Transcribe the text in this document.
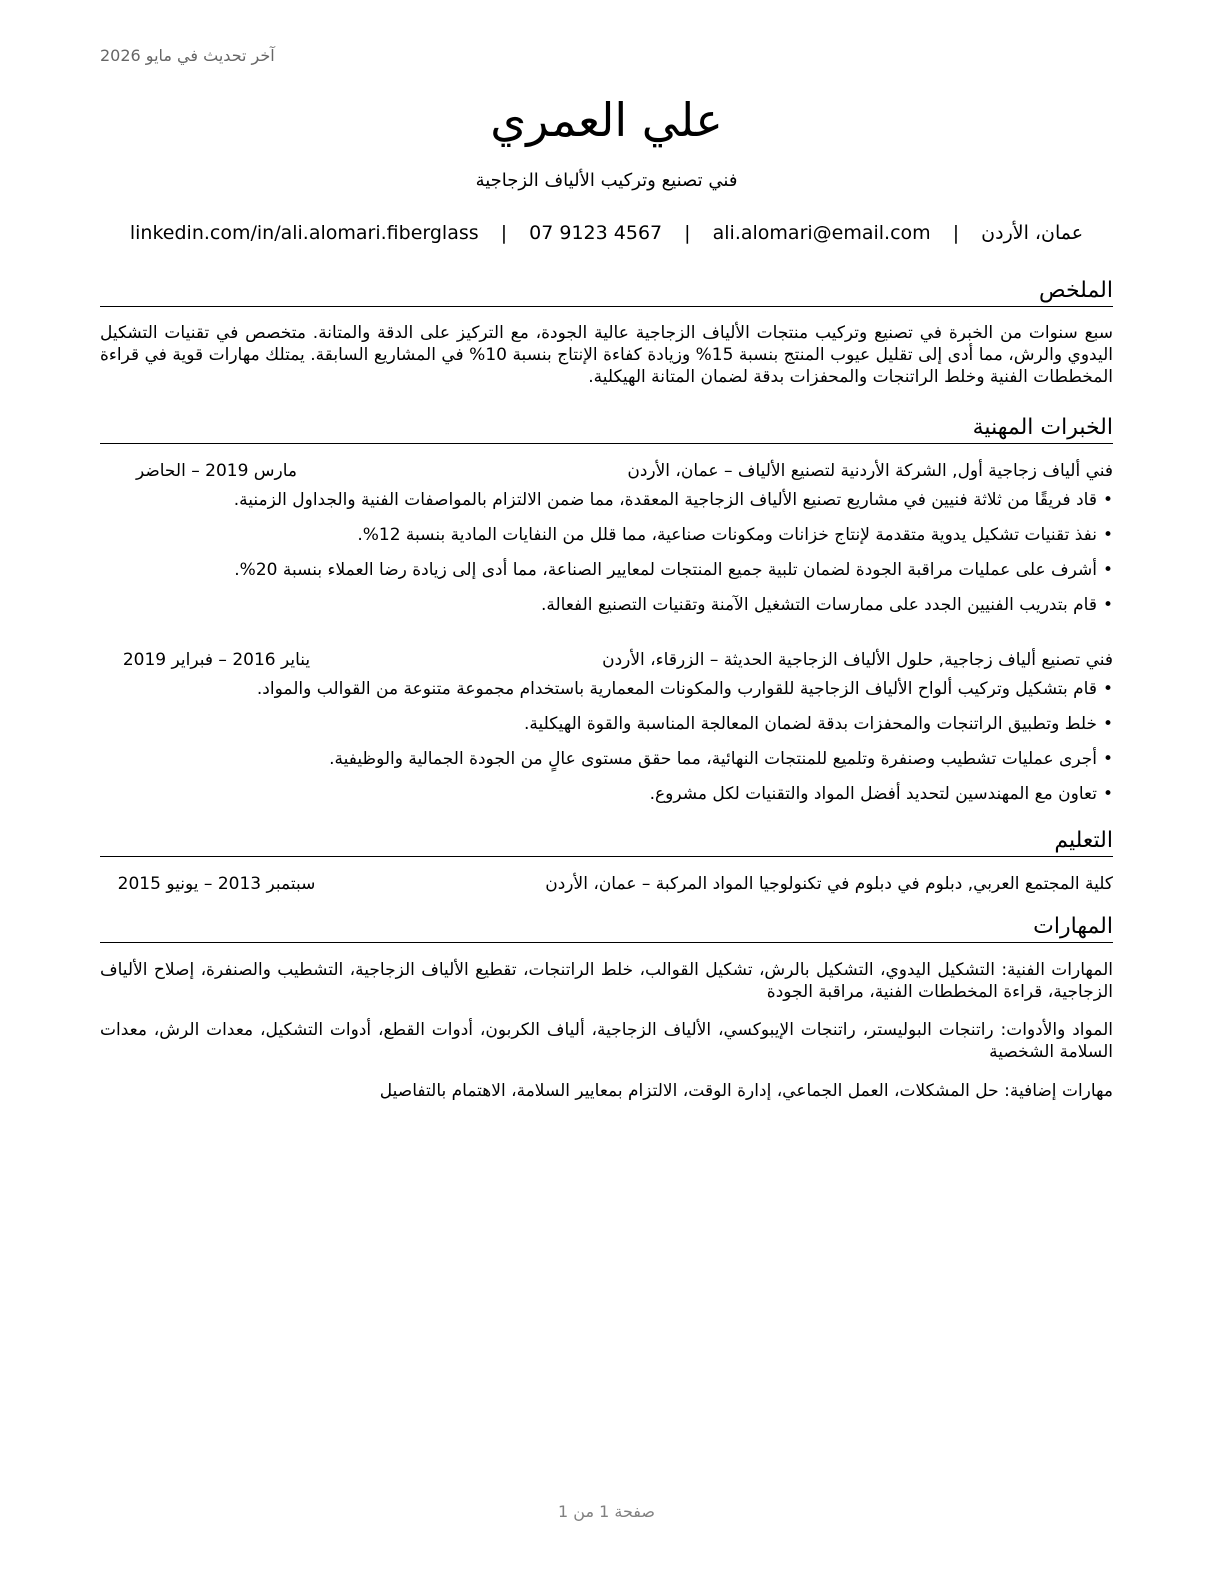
آخر تحديث في مايو 2026
علي العمري
فني تصنيع وتركيب الألياف الزجاجية
عمان، الأردن | ali.alomari@email.com | 07 9123 4567 | linkedin.com/in/ali.alomari.fiberglass
الملخص
سبع سنوات من الخبرة في تصنيع وتركيب منتجات الألياف الزجاجية عالية الجودة، مع التركيز على الدقة والمتانة. متخصص في تقنيات التشكيل اليدوي والرش، مما أدى إلى تقليل عيوب المنتج بنسبة 15% وزيادة كفاءة الإنتاج بنسبة 10% في المشاريع السابقة. يمتلك مهارات قوية في قراءة المخططات الفنية وخلط الراتنجات والمحفزات بدقة لضمان المتانة الهيكلية.
الخبرات المهنية
فني ألياف زجاجية أول, الشركة الأردنية لتصنيع الألياف – عمان، الأردن
مارس 2019 – الحاضر
• قاد فريقًا من ثلاثة فنيين في مشاريع تصنيع الألياف الزجاجية المعقدة، مما ضمن الالتزام بالمواصفات الفنية والجداول الزمنية.
• نفذ تقنيات تشكيل يدوية متقدمة لإنتاج خزانات ومكونات صناعية، مما قلل من النفايات المادية بنسبة 12%.
• أشرف على عمليات مراقبة الجودة لضمان تلبية جميع المنتجات لمعايير الصناعة، مما أدى إلى زيادة رضا العملاء بنسبة 20%.
• قام بتدريب الفنيين الجدد على ممارسات التشغيل الآمنة وتقنيات التصنيع الفعالة.
فني تصنيع ألياف زجاجية, حلول الألياف الزجاجية الحديثة – الزرقاء، الأردن
يناير 2016 – فبراير 2019
• قام بتشكيل وتركيب ألواح الألياف الزجاجية للقوارب والمكونات المعمارية باستخدام مجموعة متنوعة من القوالب والمواد.
• خلط وتطبيق الراتنجات والمحفزات بدقة لضمان المعالجة المناسبة والقوة الهيكلية.
• أجرى عمليات تشطيب وصنفرة وتلميع للمنتجات النهائية، مما حقق مستوى عالٍ من الجودة الجمالية والوظيفية.
• تعاون مع المهندسين لتحديد أفضل المواد والتقنيات لكل مشروع.
التعليم
كلية المجتمع العربي, دبلوم في دبلوم في تكنولوجيا المواد المركبة – عمان، الأردن
سبتمبر 2013 – يونيو 2015
المهارات
المهارات الفنية: التشكيل اليدوي، التشكيل بالرش، تشكيل القوالب، خلط الراتنجات، تقطيع الألياف الزجاجية، التشطيب والصنفرة، إصلاح الألياف الزجاجية، قراءة المخططات الفنية، مراقبة الجودة
المواد والأدوات: راتنجات البوليستر، راتنجات الإيبوكسي، الألياف الزجاجية، ألياف الكربون، أدوات القطع، أدوات التشكيل، معدات الرش، معدات السلامة الشخصية
مهارات إضافية: حل المشكلات، العمل الجماعي، إدارة الوقت، الالتزام بمعايير السلامة، الاهتمام بالتفاصيل
صفحة 1 من 1
